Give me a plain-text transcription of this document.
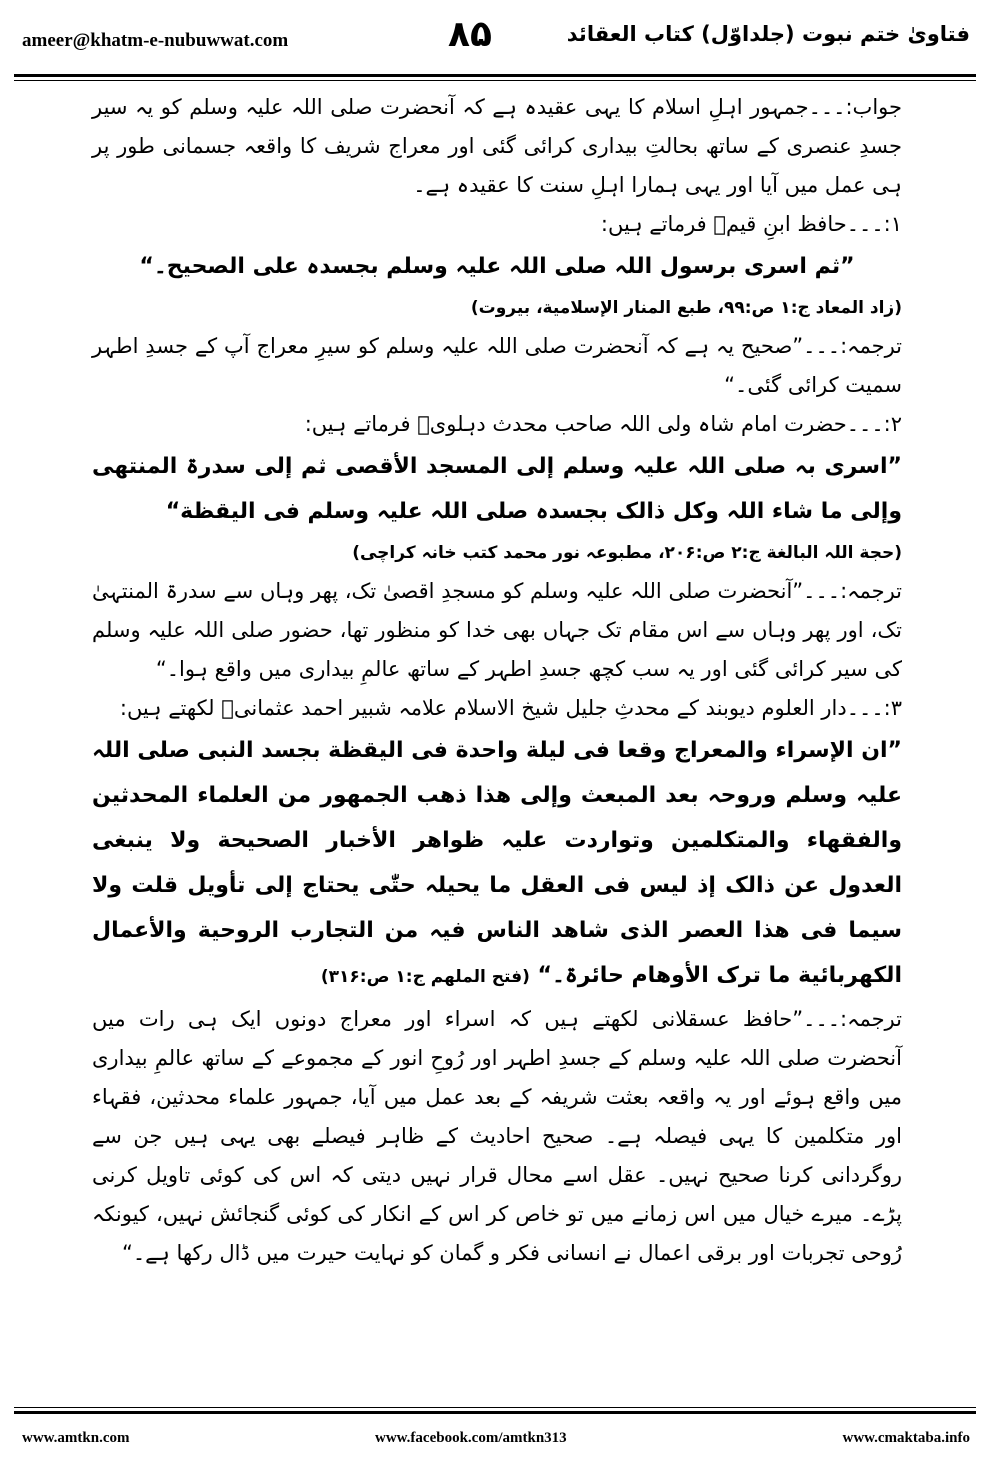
ameer@khatm-e-nubuwwat.com	۸۵	فتاویٰ ختم نبوت (جلداوّل) کتاب العقائد

جواب:۔۔۔جمہور اہلِ اسلام کا یہی عقیدہ ہے کہ آنحضرت صلی اللہ علیہ وسلم کو یہ سیر جسدِ عنصری کے ساتھ بحالتِ بیداری کرائی گئی اور معراج شریف کا واقعہ جسمانی طور پر ہی عمل میں آیا اور یہی ہمارا اہلِ سنت کا عقیدہ ہے۔

۱:۔۔۔حافظ ابنِ قیمؒ فرماتے ہیں:

”ثم اسری برسول اللہ صلی اللہ علیہ وسلم بجسدہ علی الصحیح۔“

(زاد المعاد ج:۱ ص:۹۹، طبع المنار الإسلامیة، بیروت)

ترجمہ:۔۔۔”صحیح یہ ہے کہ آنحضرت صلی اللہ علیہ وسلم کو سیرِ معراج آپ کے جسدِ اطہر سمیت کرائی گئی۔“

۲:۔۔۔حضرت امام شاہ ولی اللہ صاحب محدث دہلویؒ فرماتے ہیں:

”اسری بہ صلی اللہ علیہ وسلم إلی المسجد الأقصی ثم إلی سدرۃ المنتھی وإلی ما شاء اللہ وکل ذالک بجسدہ صلی اللہ علیہ وسلم فی الیقظة“

(حجة اللہ البالغة ج:۲ ص:۲۰۶، مطبوعہ نور محمد کتب خانہ کراچی)

ترجمہ:۔۔۔”آنحضرت صلی اللہ علیہ وسلم کو مسجدِ اقصیٰ تک، پھر وہاں سے سدرۃ المنتہیٰ تک، اور پھر وہاں سے اس مقام تک جہاں بھی خدا کو منظور تھا، حضور صلی اللہ علیہ وسلم کی سیر کرائی گئی اور یہ سب کچھ جسدِ اطہر کے ساتھ عالمِ بیداری میں واقع ہوا۔“

۳:۔۔۔دار العلوم دیوبند کے محدثِ جلیل شیخ الاسلام علامہ شبیر احمد عثمانیؒ لکھتے ہیں:

”ان الإسراء والمعراج وقعا فی لیلة واحدة فی الیقظة بجسد النبی صلی اللہ علیہ وسلم وروحہ بعد المبعث وإلی ھذا ذھب الجمھور من العلماء المحدثین والفقھاء والمتکلمین وتواردت علیہ ظواھر الأخبار الصحیحة ولا ینبغی العدول عن ذالک إذ لیس فی العقل ما یحیلہ حتّٰی یحتاج إلی تأویل قلت ولا سیما فی ھذا العصر الذی شاھد الناس فیہ من التجارب الروحیة والأعمال الکھربائیة ما ترک الأوھام حائرۃ۔“ (فتح الملھم ج:۱ ص:۳۱۶)

ترجمہ:۔۔۔”حافظ عسقلانی لکھتے ہیں کہ اسراء اور معراج دونوں ایک ہی رات میں آنحضرت صلی اللہ علیہ وسلم کے جسدِ اطہر اور رُوحِ انور کے مجموعے کے ساتھ عالمِ بیداری میں واقع ہوئے اور یہ واقعہ بعثت شریفہ کے بعد عمل میں آیا، جمہور علماء محدثین، فقہاء اور متکلمین کا یہی فیصلہ ہے۔ صحیح احادیث کے ظاہر فیصلے بھی یہی ہیں جن سے روگردانی کرنا صحیح نہیں۔ عقل اسے محال قرار نہیں دیتی کہ اس کی کوئی تاویل کرنی پڑے۔ میرے خیال میں اس زمانے میں تو خاص کر اس کے انکار کی کوئی گنجائش نہیں، کیونکہ رُوحی تجربات اور برقی اعمال نے انسانی فکر و گمان کو نہایت حیرت میں ڈال رکھا ہے۔“

www.amtkn.com	www.facebook.com/amtkn313	www.cmaktaba.info
